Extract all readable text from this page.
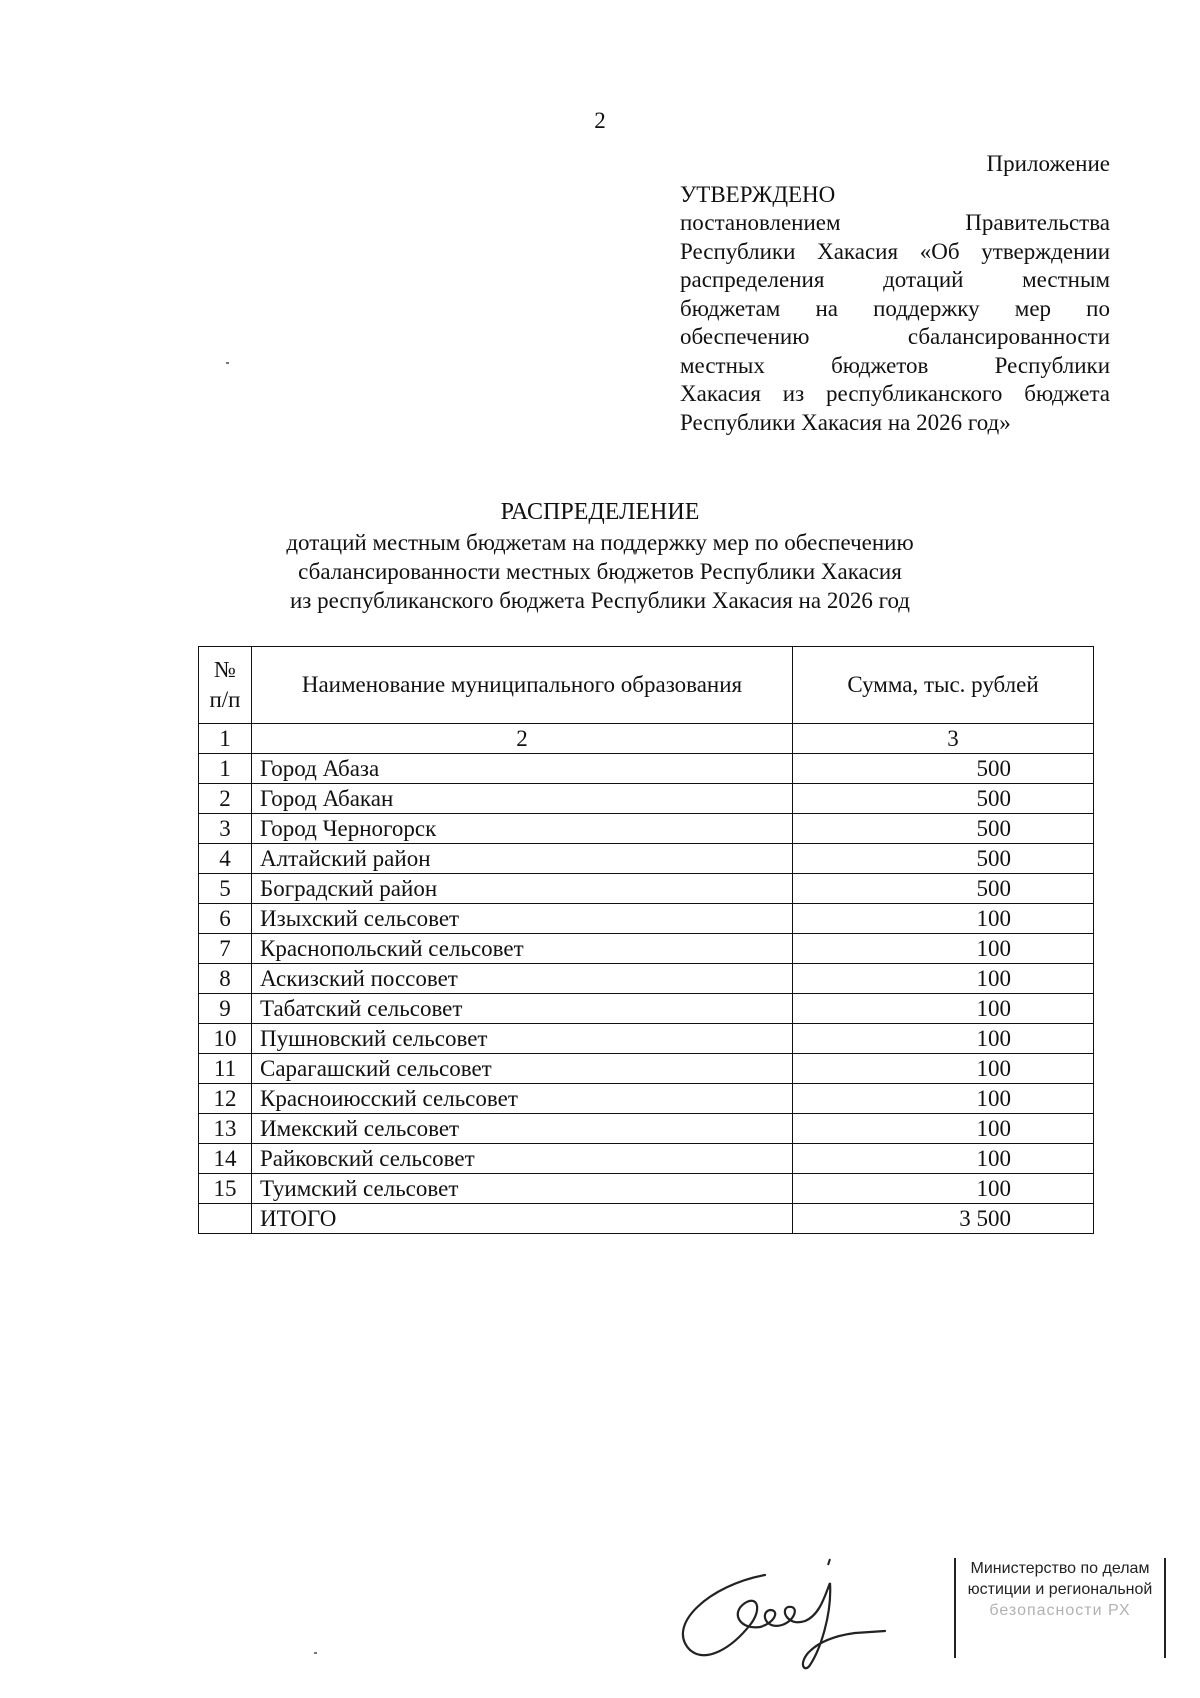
2
Приложение
УТВЕРЖДЕНО
постановлением Правительства
Республики Хакасия «Об утверждении
распределения дотаций местным
бюджетам на поддержку мер по
обеспечению сбалансированности
местных бюджетов Республики
Хакасия из республиканского бюджета
Республики Хакасия на 2026 год»
РАСПРЕДЕЛЕНИЕ
дотаций местным бюджетам на поддержку мер по обеспечению
сбалансированности местных бюджетов Республики Хакасия
из республиканского бюджета Республики Хакасия на 2026 год
№
п/п	Наименование муниципального образования	Сумма, тыс. рублей
1	2	3
1	Город Абаза	500
2	Город Абакан	500
3	Город Черногорск	500
4	Алтайский район	500
5	Боградский район	500
6	Изыхский сельсовет	100
7	Краснопольский сельсовет	100
8	Аскизский поссовет	100
9	Табатский сельсовет	100
10	Пушновский сельсовет	100
11	Сарагашский сельсовет	100
12	Красноиюсский сельсовет	100
13	Имекский сельсовет	100
14	Райковский сельсовет	100
15	Туимский сельсовет	100
	ИТОГО	3 500
Министерство по делам
юстиции и региональной
безопасности РХ
